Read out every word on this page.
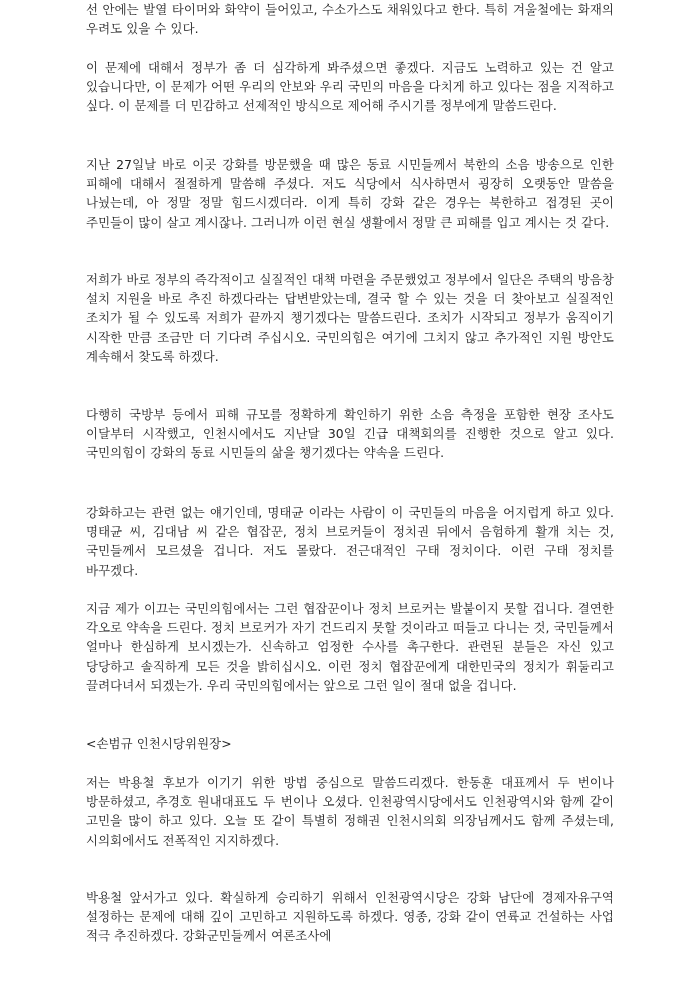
선 안에는 발열 타이머와 화약이 들어있고, 수소가스도 채워있다고 한다. 특히 겨울철에는 화재의 우려도 있을 수 있다.

이 문제에 대해서 정부가 좀 더 심각하게 봐주셨으면 좋겠다. 지금도 노력하고 있는 건 알고 있습니다만, 이 문제가 어떤 우리의 안보와 우리 국민의 마음을 다치게 하고 있다는 점을 지적하고 싶다. 이 문제를 더 민감하고 선제적인 방식으로 제어해 주시기를 정부에게 말씀드린다.

지난 27일날 바로 이곳 강화를 방문했을 때 많은 동료 시민들께서 북한의 소음 방송으로 인한 피해에 대해서 절절하게 말씀해 주셨다. 저도 식당에서 식사하면서 굉장히 오랫동안 말씀을 나눴는데, 아 정말 정말 힘드시겠더라. 이게 특히 강화 같은 경우는 북한하고 접경된 곳이 주민들이 많이 살고 계시잖나. 그러니까 이런 현실 생활에서 정말 큰 피해를 입고 계시는 것 같다.

저희가 바로 정부의 즉각적이고 실질적인 대책 마련을 주문했었고 정부에서 일단은 주택의 방음창 설치 지원을 바로 추진 하겠다라는 답변받았는데, 결국 할 수 있는 것을 더 찾아보고 실질적인 조치가 될 수 있도록 저희가 끝까지 챙기겠다는 말씀드린다. 조치가 시작되고 정부가 움직이기 시작한 만큼 조금만 더 기다려 주십시오. 국민의힘은 여기에 그치지 않고 추가적인 지원 방안도 계속해서 찾도록 하겠다.

다행히 국방부 등에서 피해 규모를 정확하게 확인하기 위한 소음 측정을 포함한 현장 조사도 이달부터 시작했고, 인천시에서도 지난달 30일 긴급 대책회의를 진행한 것으로 알고 있다. 국민의힘이 강화의 동료 시민들의 삶을 챙기겠다는 약속을 드린다.

강화하고는 관련 없는 얘기인데, 명태균 이라는 사람이 이 국민들의 마음을 어지럽게 하고 있다. 명태균 씨, 김대남 씨 같은 협잡꾼, 정치 브로커들이 정치권 뒤에서 음험하게 활개 치는 것, 국민들께서 모르셨을 겁니다. 저도 몰랐다. 전근대적인 구태 정치이다. 이런 구태 정치를 바꾸겠다.

지금 제가 이끄는 국민의힘에서는 그런 협잡꾼이나 정치 브로커는 발붙이지 못할 겁니다. 결연한 각오로 약속을 드린다. 정치 브로커가 자기 건드리지 못할 것이라고 떠들고 다니는 것, 국민들께서 얼마나 한심하게 보시겠는가. 신속하고 엄정한 수사를 촉구한다. 관련된 분들은 자신 있고 당당하고 솔직하게 모든 것을 밝히십시오. 이런 정치 협잡꾼에게 대한민국의 정치가 휘둘리고 끌려다녀서 되겠는가. 우리 국민의힘에서는 앞으로 그런 일이 절대 없을 겁니다.

<손범규 인천시당위원장>

저는 박용철 후보가 이기기 위한 방법 중심으로 말씀드리겠다. 한동훈 대표께서 두 번이나 방문하셨고, 추경호 원내대표도 두 번이나 오셨다. 인천광역시당에서도 인천광역시와 함께 같이 고민을 많이 하고 있다. 오늘 또 같이 특별히 정해권 인천시의회 의장님께서도 함께 주셨는데, 시의회에서도 전폭적인 지지하겠다.

박용철 앞서가고 있다. 확실하게 승리하기 위해서 인천광역시당은 강화 남단에 경제자유구역 설정하는 문제에 대해 깊이 고민하고 지원하도록 하겠다. 영종, 강화 같이 연륙교 건설하는 사업 적극 추진하겠다. 강화군민들께서 여론조사에
